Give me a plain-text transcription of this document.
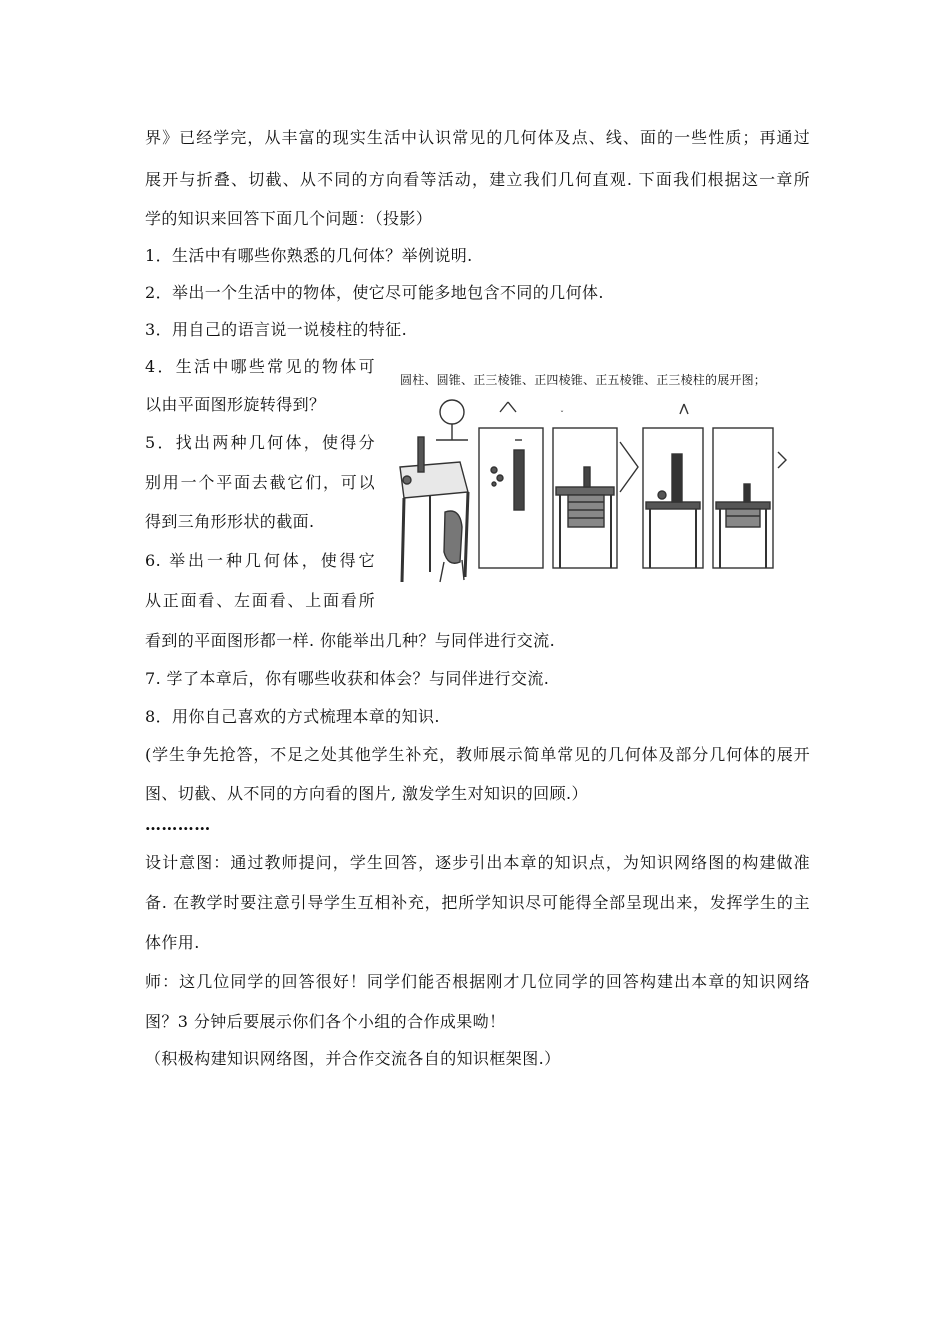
界》已经学完，从丰富的现实生活中认识常见的几何体及点、线、面的一些性质；再通过
展开与折叠、切截、从不同的方向看等活动，建立我们几何直观. 下面我们根据这一章所
学的知识来回答下面几个问题：（投影）
1．生活中有哪些你熟悉的几何体？举例说明.
2．举出一个生活中的物体，使它尽可能多地包含不同的几何体.
3．用自己的语言说一说棱柱的特征.
4．生活中哪些常见的物体可
以由平面图形旋转得到？
5．找出两种几何体，使得分
别用一个平面去截它们，可以
得到三角形形状的截面.
6. 举出一种几何体，使得它
从正面看、左面看、上面看所
看到的平面图形都一样. 你能举出几种？与同伴进行交流.
7. 学了本章后，你有哪些收获和体会？与同伴进行交流.
8．用你自己喜欢的方式梳理本章的知识.
(学生争先抢答，不足之处其他学生补充，教师展示简单常见的几何体及部分几何体的展开
图、切截、从不同的方向看的图片, 激发学生对知识的回顾.）
…………
设计意图：通过教师提问，学生回答，逐步引出本章的知识点，为知识网络图的构建做准
备. 在教学时要注意引导学生互相补充，把所学知识尽可能得全部呈现出来，发挥学生的主
体作用.
师：这几位同学的回答很好！同学们能否根据刚才几位同学的回答构建出本章的知识网络
图？3 分钟后要展示你们各个小组的合作成果呦！
（积极构建知识网络图，并合作交流各自的知识框架图.）
圆柱、圆锥、正三棱锥、正四棱锥、正五棱锥、正三棱柱的展开图；
ˇ
